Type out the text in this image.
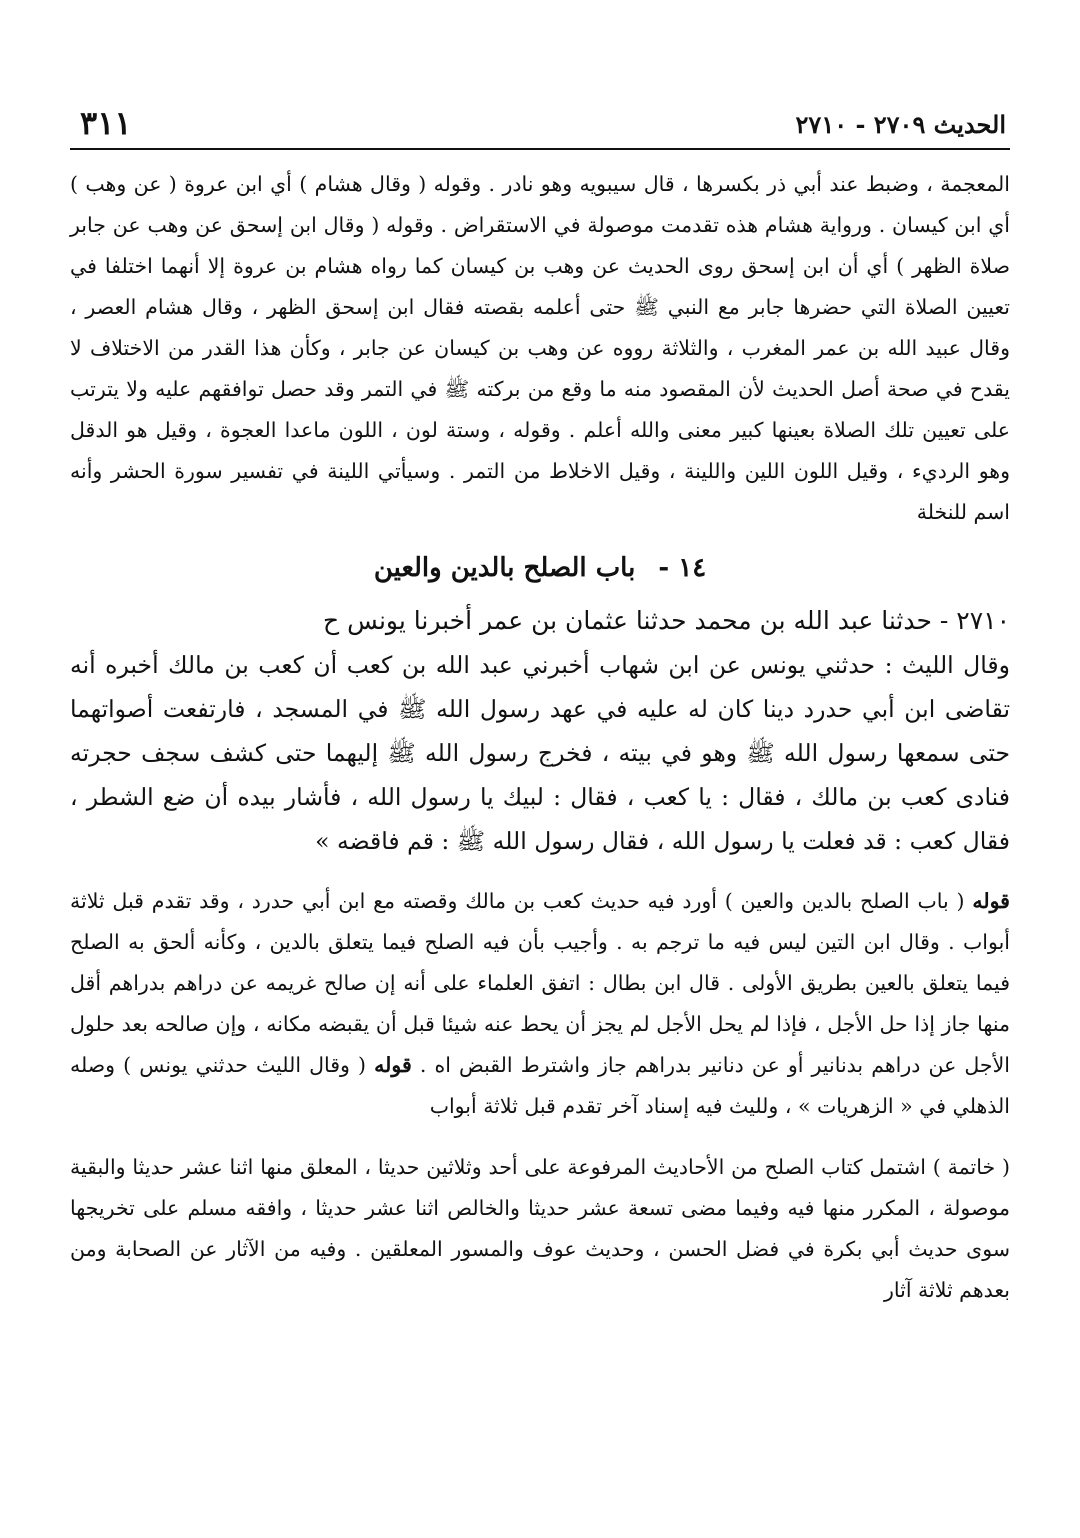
الحديث ٢٧٠٩ - ٢٧١٠
٣١١

المعجمة ، وضبط عند أبي ذر بكسرها ، قال سيبويه وهو نادر . وقوله ( وقال هشام ) أي ابن عروة ( عن وهب ) أي ابن كيسان . ورواية هشام هذه تقدمت موصولة في الاستقراض . وقوله ( وقال ابن إسحق عن وهب عن جابر صلاة الظهر ) أي أن ابن إسحق روى الحديث عن وهب بن كيسان كما رواه هشام بن عروة إلا أنهما اختلفا في تعيين الصلاة التي حضرها جابر مع النبي ﷺ حتى أعلمه بقصته فقال ابن إسحق الظهر ، وقال هشام العصر ، وقال عبيد الله بن عمر المغرب ، والثلاثة رووه عن وهب بن كيسان عن جابر ، وكأن هذا القدر من الاختلاف لا يقدح في صحة أصل الحديث لأن المقصود منه ما وقع من بركته ﷺ في التمر وقد حصل توافقهم عليه ولا يترتب على تعيين تلك الصلاة بعينها كبير معنى والله أعلم . وقوله ، وستة لون ، اللون ماعدا العجوة ، وقيل هو الدقل وهو الرديء ، وقيل اللون اللين واللينة ، وقيل الاخلاط من التمر . وسيأتي اللينة في تفسير سورة الحشر وأنه اسم للنخلة

١٤ - باب الصلح بالدين والعين

٢٧١٠ - حدثنا عبد الله بن محمد حدثنا عثمان بن عمر أخبرنا يونس ح

وقال الليث : حدثني يونس عن ابن شهاب أخبرني عبد الله بن كعب أن كعب بن مالك أخبره أنه تقاضى ابن أبي حدرد دينا كان له عليه في عهد رسول الله ﷺ في المسجد ، فارتفعت أصواتهما حتى سمعها رسول الله ﷺ وهو في بيته ، فخرج رسول الله ﷺ إليهما حتى كشف سجف حجرته فنادى كعب بن مالك ، فقال : يا كعب ، فقال : لبيك يا رسول الله ، فأشار بيده أن ضع الشطر ، فقال كعب : قد فعلت يا رسول الله ، فقال رسول الله ﷺ : قم فاقضه »

قوله ( باب الصلح بالدين والعين ) أورد فيه حديث كعب بن مالك وقصته مع ابن أبي حدرد ، وقد تقدم قبل ثلاثة أبواب . وقال ابن التين ليس فيه ما ترجم به . وأجيب بأن فيه الصلح فيما يتعلق بالدين ، وكأنه ألحق به الصلح فيما يتعلق بالعين بطريق الأولى . قال ابن بطال : اتفق العلماء على أنه إن صالح غريمه عن دراهم بدراهم أقل منها جاز إذا حل الأجل ، فإذا لم يحل الأجل لم يجز أن يحط عنه شيئا قبل أن يقبضه مكانه ، وإن صالحه بعد حلول الأجل عن دراهم بدنانير أو عن دنانير بدراهم جاز واشترط القبض اه . قوله ( وقال الليث حدثني يونس ) وصله الذهلي في « الزهريات » ، ولليث فيه إسناد آخر تقدم قبل ثلاثة أبواب

( خاتمة ) اشتمل كتاب الصلح من الأحاديث المرفوعة على أحد وثلاثين حديثا ، المعلق منها اثنا عشر حديثا والبقية موصولة ، المكرر منها فيه وفيما مضى تسعة عشر حديثا والخالص اثنا عشر حديثا ، وافقه مسلم على تخريجها سوى حديث أبي بكرة في فضل الحسن ، وحديث عوف والمسور المعلقين . وفيه من الآثار عن الصحابة ومن بعدهم ثلاثة آثار
